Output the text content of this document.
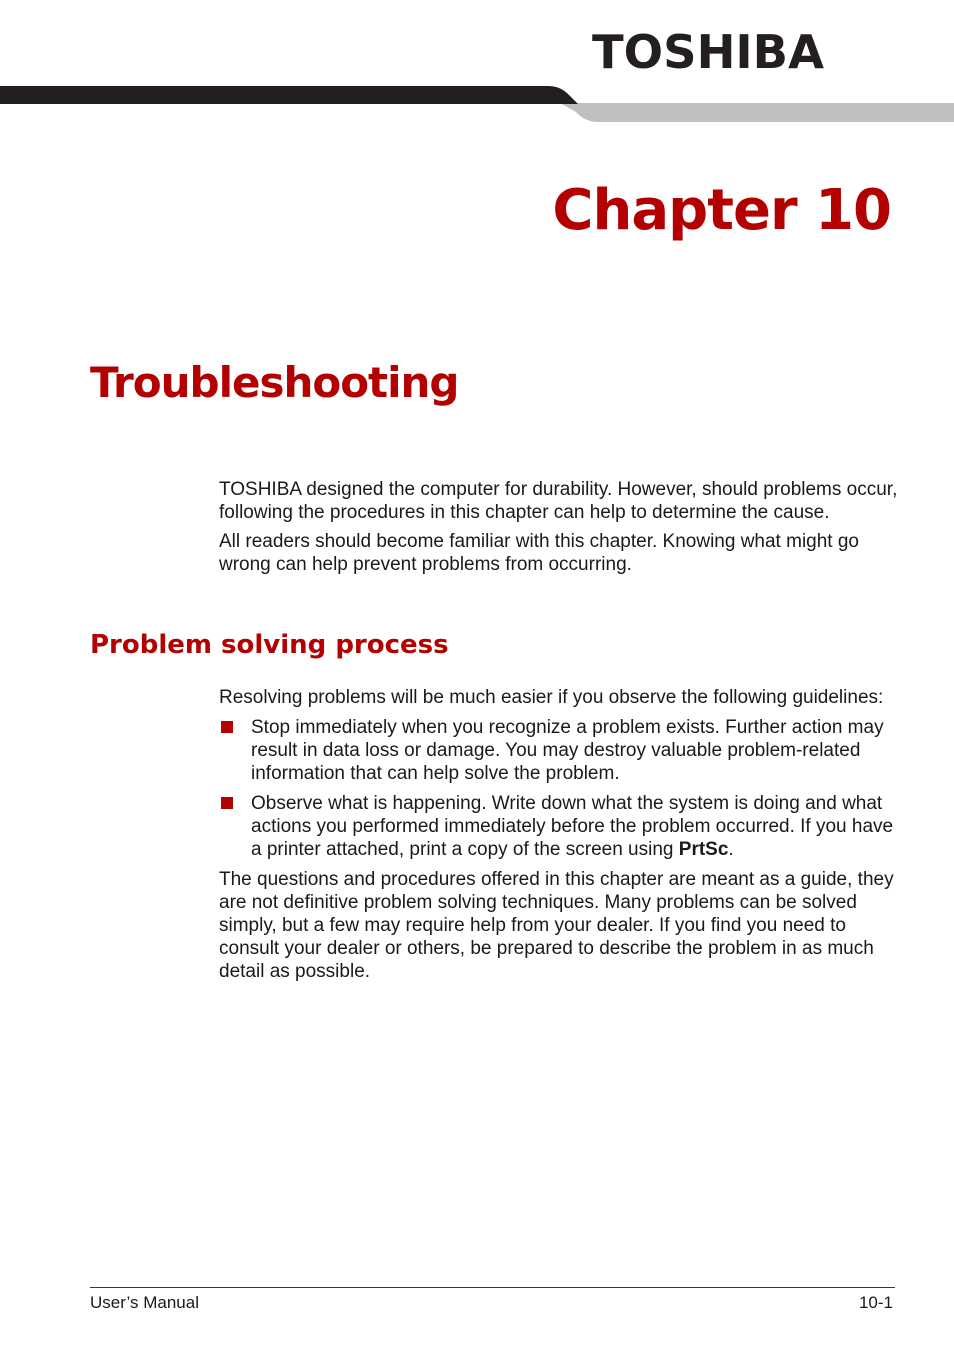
TOSHIBA
Chapter 10
Troubleshooting

TOSHIBA designed the computer for durability. However, should problems occur, following the procedures in this chapter can help to determine the cause.

All readers should become familiar with this chapter. Knowing what might go wrong can help prevent problems from occurring.

Problem solving process

Resolving problems will be much easier if you observe the following guidelines:

Stop immediately when you recognize a problem exists. Further action may result in data loss or damage. You may destroy valuable problem-related information that can help solve the problem.
Observe what is happening. Write down what the system is doing and what actions you performed immediately before the problem occurred. If you have a printer attached, print a copy of the screen using PrtSc.

The questions and procedures offered in this chapter are meant as a guide, they are not definitive problem solving techniques. Many problems can be solved simply, but a few may require help from your dealer. If you find you need to consult your dealer or others, be prepared to describe the problem in as much detail as possible.

User’s Manual	10-1
